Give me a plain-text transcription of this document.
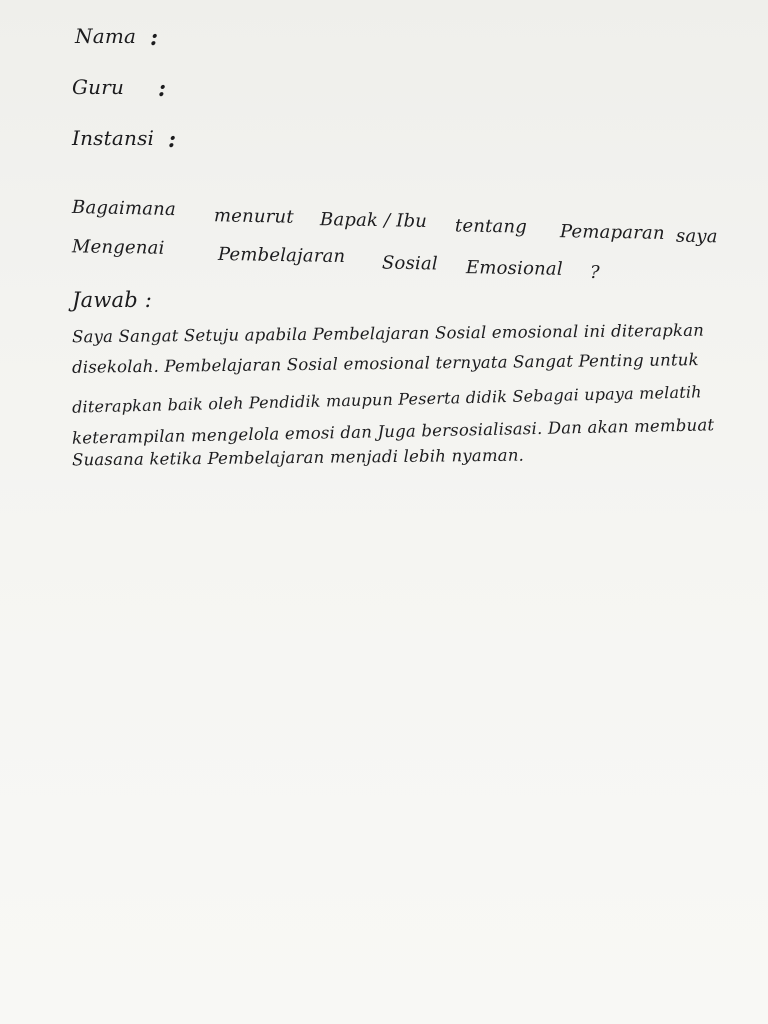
Nama :
Guru :
Instansi :
Bagaimana menurut Bapak / Ibu tentang Pemaparan saya
Mengenai	Pembelajaran Sosial Emosional ?
Jawab :
Saya Sangat Setuju apabila Pembelajaran Sosial emosional ini diterapkan
disekolah. Pembelajaran Sosial emosional ternyata Sangat Penting untuk
diterapkan baik oleh Pendidik maupun Peserta didik Sebagai upaya melatih
keterampilan mengelola emosi dan Juga bersosialisasi. Dan akan membuat
Suasana ketika Pembelajaran menjadi lebih nyaman.
